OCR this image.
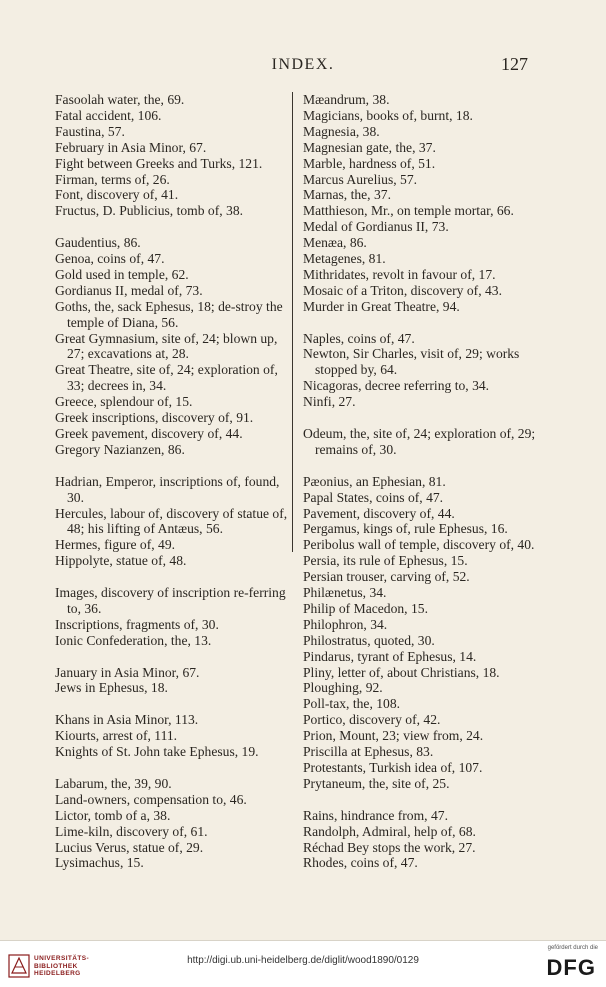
INDEX.	127
Fasoolah water, the, 69.
Fatal accident, 106.
Faustina, 57.
February in Asia Minor, 67.
Fight between Greeks and Turks, 121.
Firman, terms of, 26.
Font, discovery of, 41.
Fructus, D. Publicius, tomb of, 38.
Gaudentius, 86.
Genoa, coins of, 47.
Gold used in temple, 62.
Gordianus II, medal of, 73.
Goths, the, sack Ephesus, 18; de-stroy the temple of Diana, 56.
Great Gymnasium, site of, 24; blown up, 27; excavations at, 28.
Great Theatre, site of, 24; exploration of, 33; decrees in, 34.
Greece, splendour of, 15.
Greek inscriptions, discovery of, 91.
Greek pavement, discovery of, 44.
Gregory Nazianzen, 86.
Hadrian, Emperor, inscriptions of, found, 30.
Hercules, labour of, discovery of statue of, 48; his lifting of Antæus, 56.
Hermes, figure of, 49.
Hippolyte, statue of, 48.
Images, discovery of inscription re-ferring to, 36.
Inscriptions, fragments of, 30.
Ionic Confederation, the, 13.
January in Asia Minor, 67.
Jews in Ephesus, 18.
Khans in Asia Minor, 113.
Kiourts, arrest of, 111.
Knights of St. John take Ephesus, 19.
Labarum, the, 39, 90.
Land-owners, compensation to, 46.
Lictor, tomb of a, 38.
Lime-kiln, discovery of, 61.
Lucius Verus, statue of, 29.
Lysimachus, 15.
Mæandrum, 38.
Magicians, books of, burnt, 18.
Magnesia, 38.
Magnesian gate, the, 37.
Marble, hardness of, 51.
Marcus Aurelius, 57.
Marnas, the, 37.
Matthieson, Mr., on temple mortar, 66.
Medal of Gordianus II, 73.
Menæa, 86.
Metagenes, 81.
Mithridates, revolt in favour of, 17.
Mosaic of a Triton, discovery of, 43.
Murder in Great Theatre, 94.
Naples, coins of, 47.
Newton, Sir Charles, visit of, 29; works stopped by, 64.
Nicagoras, decree referring to, 34.
Ninfi, 27.
Odeum, the, site of, 24; exploration of, 29; remains of, 30.
Pæonius, an Ephesian, 81.
Papal States, coins of, 47.
Pavement, discovery of, 44.
Pergamus, kings of, rule Ephesus, 16.
Peribolus wall of temple, discovery of, 40.
Persia, its rule of Ephesus, 15.
Persian trouser, carving of, 52.
Philænetus, 34.
Philip of Macedon, 15.
Philophron, 34.
Philostratus, quoted, 30.
Pindarus, tyrant of Ephesus, 14.
Pliny, letter of, about Christians, 18.
Ploughing, 92.
Poll-tax, the, 108.
Portico, discovery of, 42.
Prion, Mount, 23; view from, 24.
Priscilla at Ephesus, 83.
Protestants, Turkish idea of, 107.
Prytaneum, the, site of, 25.
Rains, hindrance from, 47.
Randolph, Admiral, help of, 68.
Réchad Bey stops the work, 27.
Rhodes, coins of, 47.
UNIVERSITÄTS-
BIBLIOTHEK
HEIDELBERG
http://digi.ub.uni-heidelberg.de/diglit/wood1890/0129
gefördert durch die
DFG
